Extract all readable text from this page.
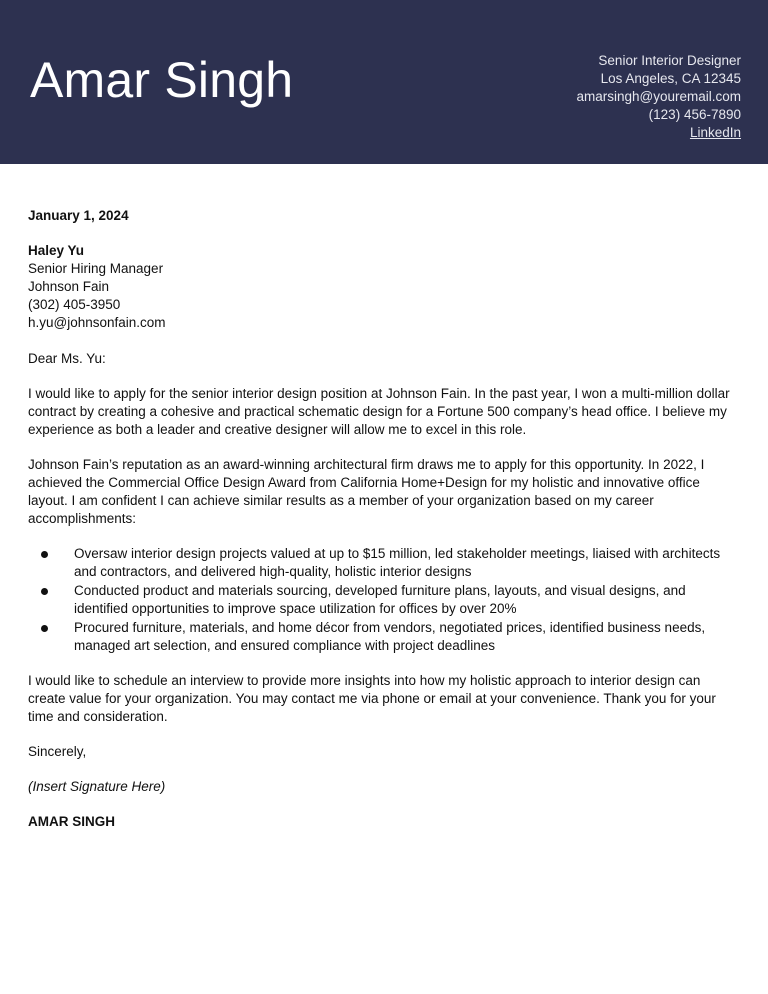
Amar Singh	Senior Interior Designer
Los Angeles, CA 12345
amarsingh@youremail.com
(123) 456-7890
LinkedIn

January 1, 2024

Haley Yu
Senior Hiring Manager
Johnson Fain
(302) 405-3950
h.yu@johnsonfain.com

Dear Ms. Yu:

I would like to apply for the senior interior design position at Johnson Fain. In the past year, I won a multi-million dollar contract by creating a cohesive and practical schematic design for a Fortune 500 company’s head office. I believe my experience as both a leader and creative designer will allow me to excel in this role.

Johnson Fain’s reputation as an award-winning architectural firm draws me to apply for this opportunity. In 2022, I achieved the Commercial Office Design Award from California Home+Design for my holistic and innovative office layout. I am confident I can achieve similar results as a member of your organization based on my career accomplishments:

Oversaw interior design projects valued at up to $15 million, led stakeholder meetings, liaised with architects and contractors, and delivered high-quality, holistic interior designs
Conducted product and materials sourcing, developed furniture plans, layouts, and visual designs, and identified opportunities to improve space utilization for offices by over 20%
Procured furniture, materials, and home décor from vendors, negotiated prices, identified business needs, managed art selection, and ensured compliance with project deadlines

I would like to schedule an interview to provide more insights into how my holistic approach to interior design can create value for your organization. You may contact me via phone or email at your convenience. Thank you for your time and consideration.

Sincerely,

(Insert Signature Here)

AMAR SINGH
